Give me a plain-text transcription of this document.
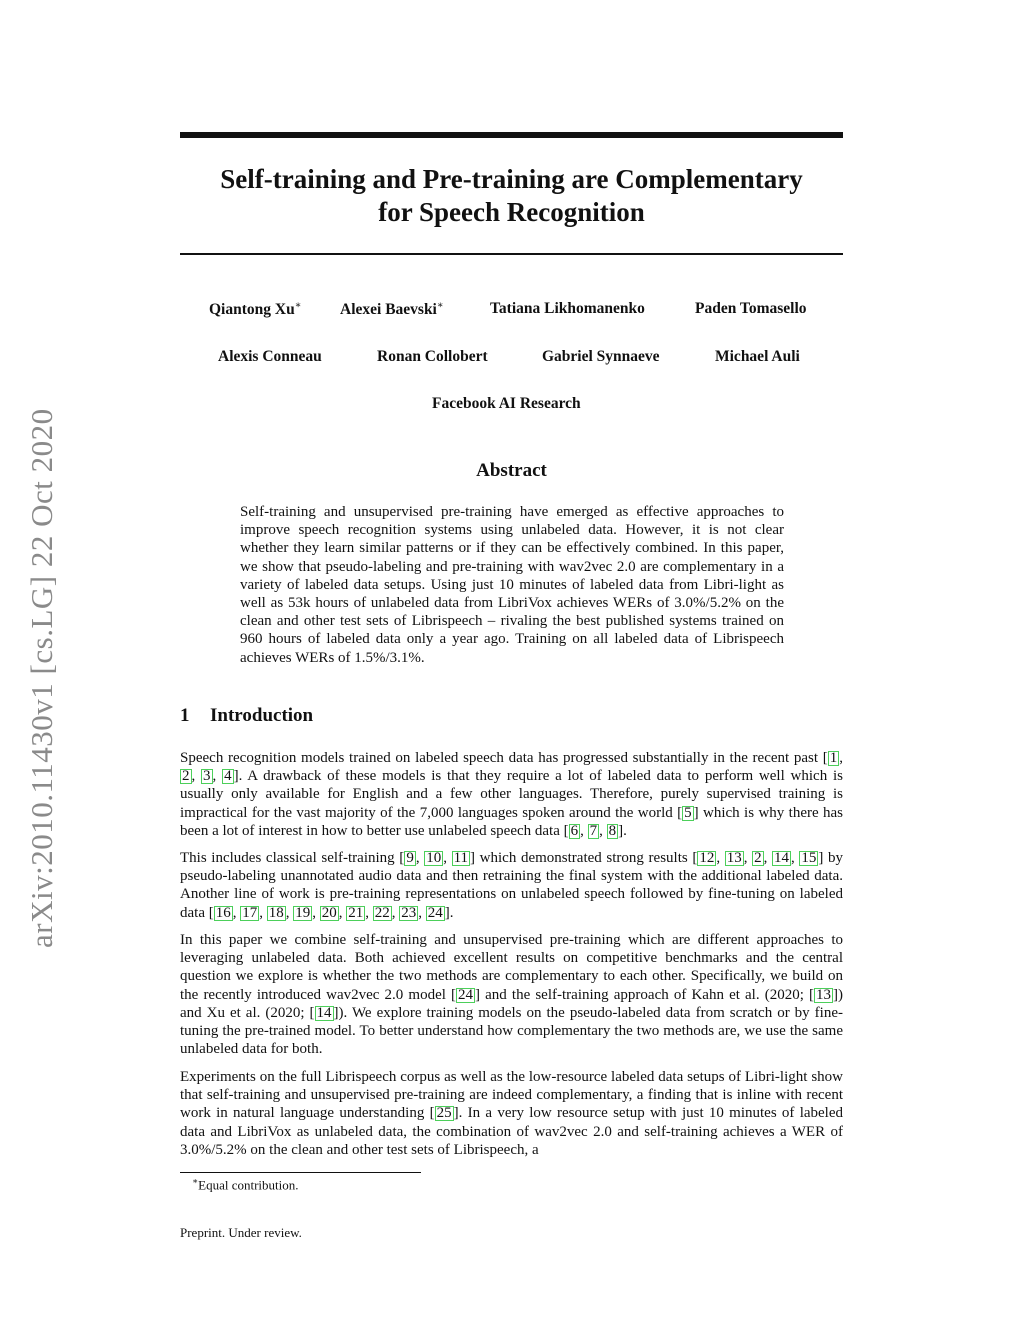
arXiv:2010.11430v1 [cs.LG] 22 Oct 2020
Self-training and Pre-training are Complementary
for Speech Recognition
Qiantong Xu∗ Alexei Baevski∗	Tatiana Likhomanenko	Paden Tomasello
Alexis Conneau	Ronan Collobert	Gabriel Synnaeve	Michael Auli
Facebook AI Research
Abstract
Self-training and unsupervised pre-training have emerged as effective approaches to improve speech recognition systems using unlabeled data. However, it is not clear whether they learn similar patterns or if they can be effectively combined. In this paper, we show that pseudo-labeling and pre-training with wav2vec 2.0 are complementary in a variety of labeled data setups. Using just 10 minutes of labeled data from Libri-light as well as 53k hours of unlabeled data from LibriVox achieves WERs of 3.0%/5.2% on the clean and other test sets of Librispeech – rivaling the best published systems trained on 960 hours of labeled data only a year ago. Training on all labeled data of Librispeech achieves WERs of 1.5%/3.1%.
1 Introduction

Speech recognition models trained on labeled speech data has progressed substantially in the recent past [ 1 , 2 , 3 , 4 ]. A drawback of these models is that they require a lot of labeled data to perform well which is usually only available for English and a few other languages. Therefore, purely supervised training is impractical for the vast majority of the 7,000 languages spoken around the world [ 5 ] which is why there has been a lot of interest in how to better use unlabeled speech data [ 6 , 7 , 8 ].

This includes classical self-training [ 9 , 10 , 11 ] which demonstrated strong results [ 12 , 13 , 2 , 14 , 15 ] by pseudo-labeling unannotated audio data and then retraining the final system with the additional labeled data. Another line of work is pre-training representations on unlabeled speech followed by fine-tuning on labeled data [ 16 , 17 , 18 , 19 , 20 , 21 , 22 , 23 , 24 ].

In this paper we combine self-training and unsupervised pre-training which are different approaches to leveraging unlabeled data. Both achieved excellent results on competitive benchmarks and the central question we explore is whether the two methods are complementary to each other. Specifically, we build on the recently introduced wav2vec 2.0 model [ 24 ] and the self-training approach of Kahn et al. (2020; [ 13 ]) and Xu et al. (2020; [ 14 ]). We explore training models on the pseudo-labeled data from scratch or by fine-tuning the pre-trained model. To better understand how complementary the two methods are, we use the same unlabeled data for both.

Experiments on the full Librispeech corpus as well as the low-resource labeled data setups of Libri-light show that self-training and unsupervised pre-training are indeed complementary, a finding that is inline with recent work in natural language understanding [ 25 ]. In a very low resource setup with just 10 minutes of labeled data and LibriVox as unlabeled data, the combination of wav2vec 2.0 and self-training achieves a WER of 3.0%/5.2% on the clean and other test sets of Librispeech, a

∗Equal contribution.
Preprint. Under review.
